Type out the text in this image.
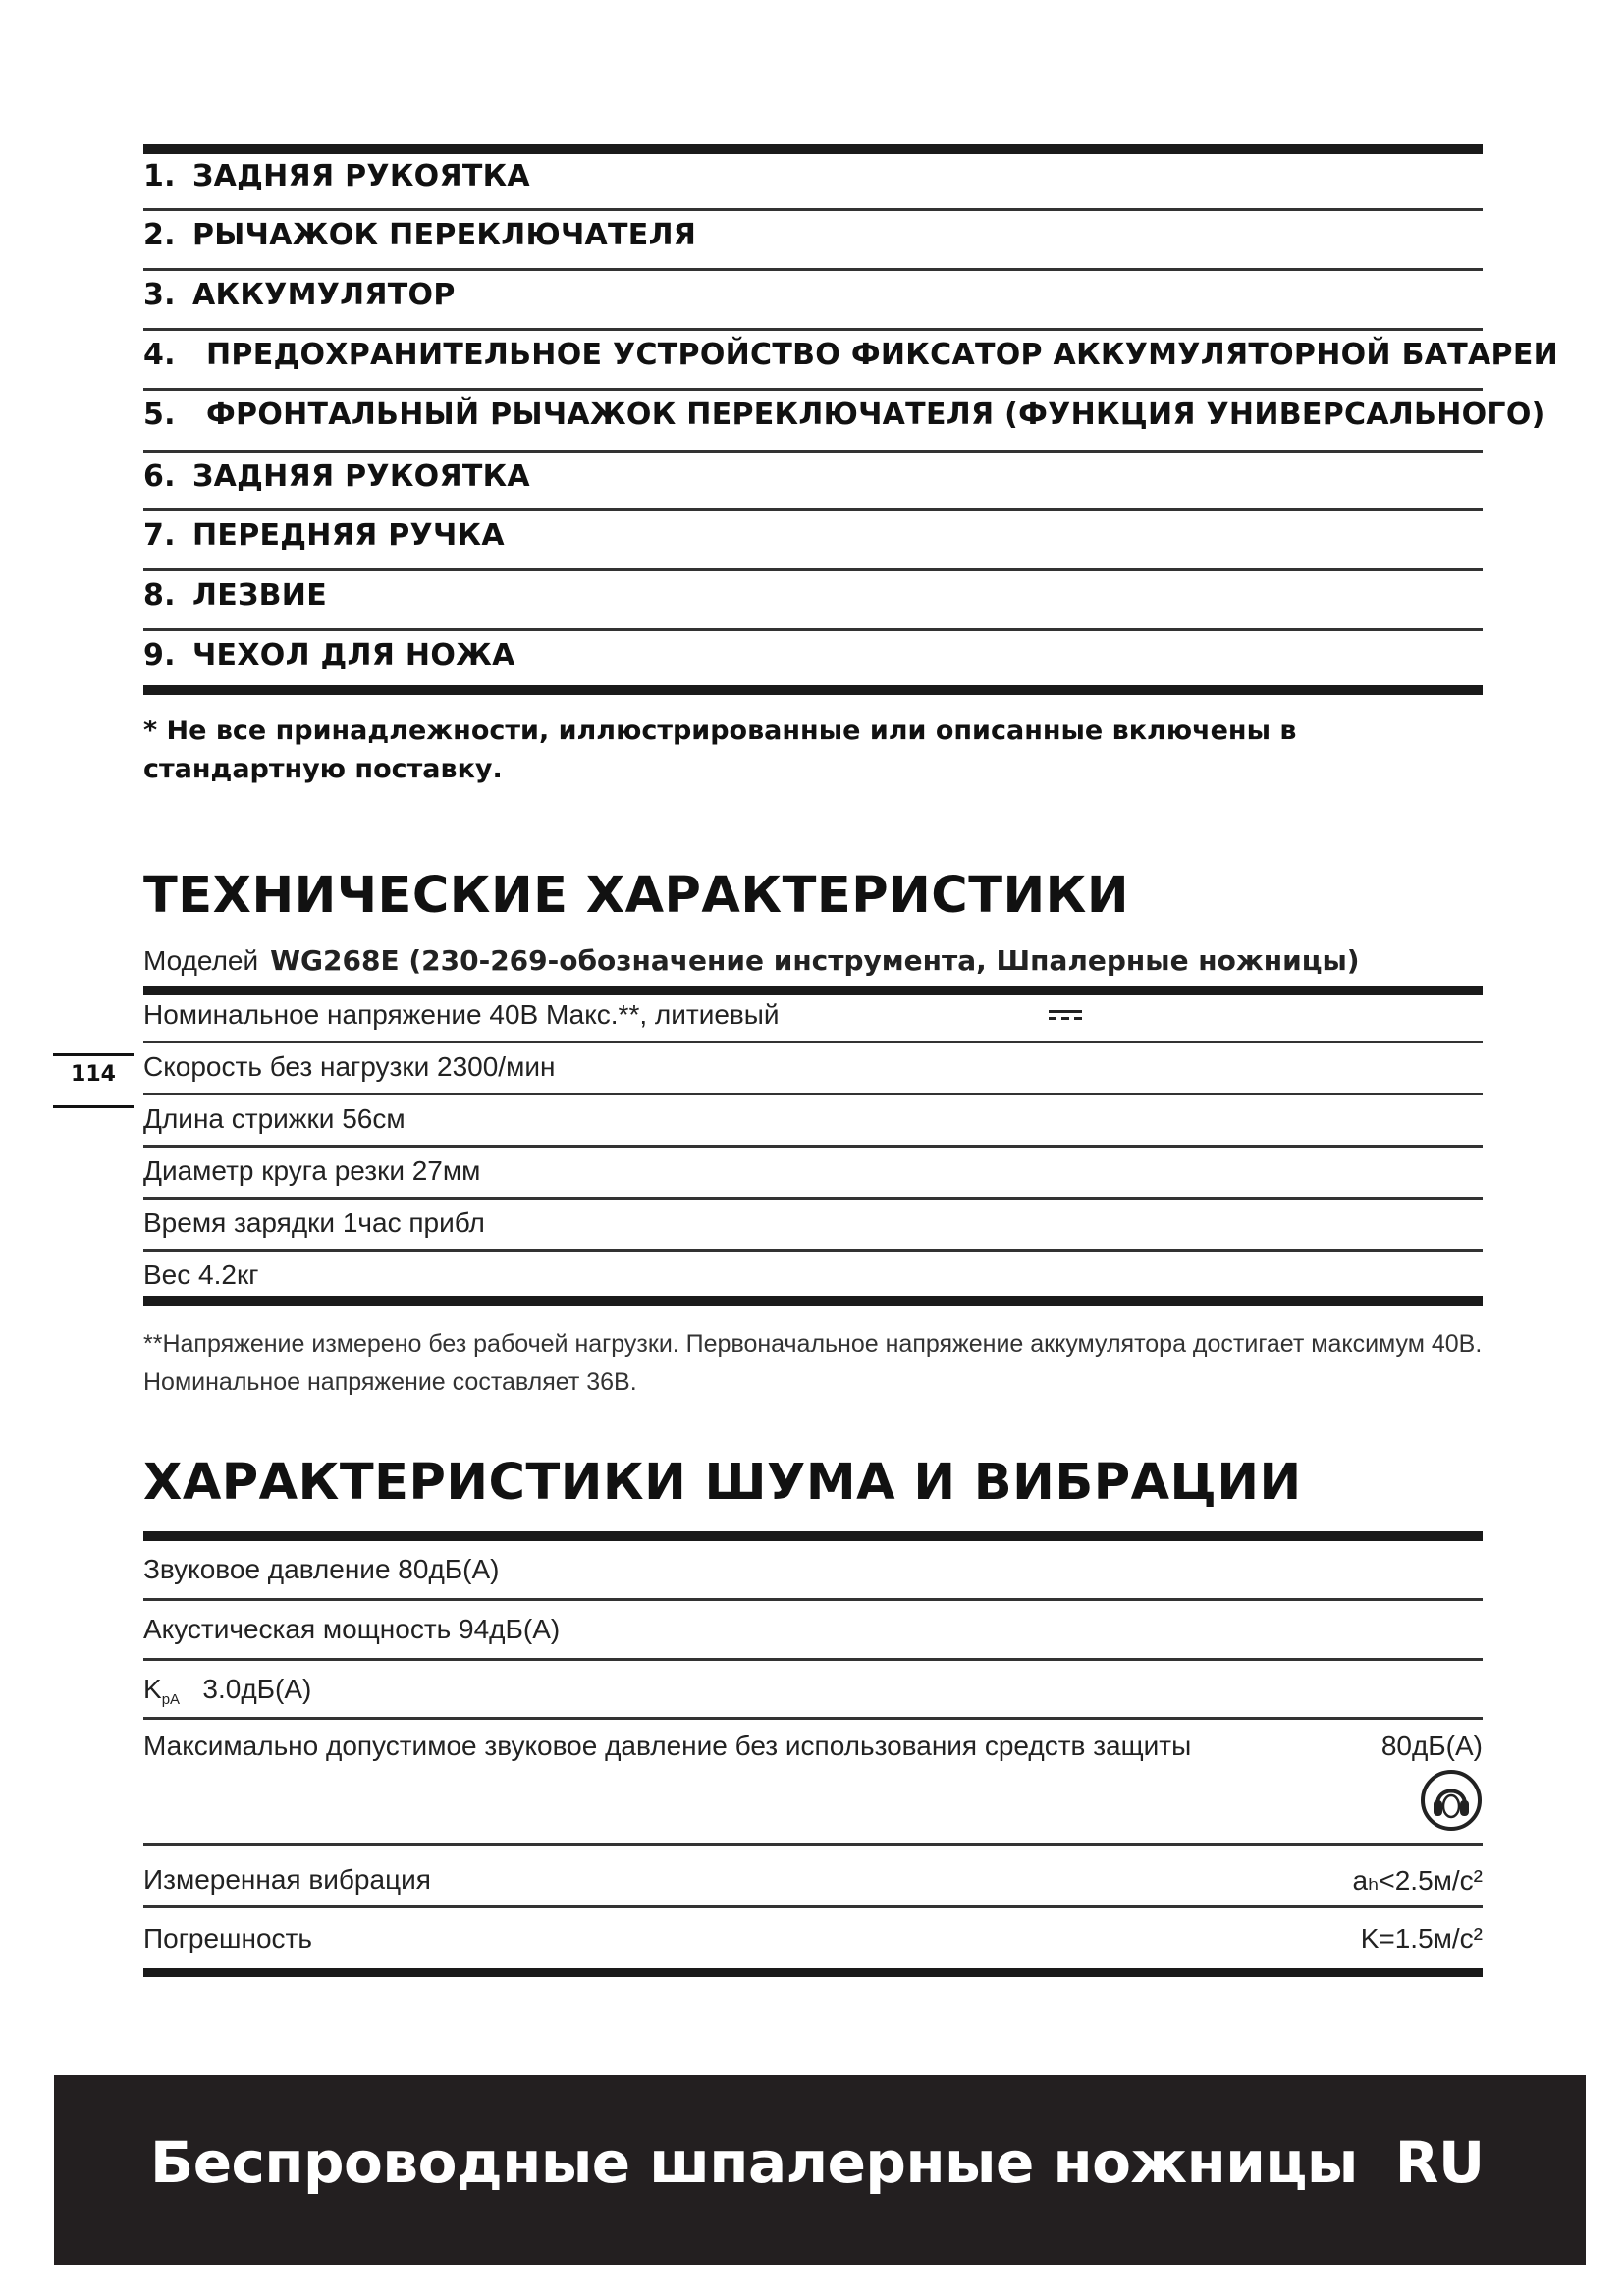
1. ЗАДНЯЯ РУКОЯТКА
2. РЫЧАЖОК ПЕРЕКЛЮЧАТЕЛЯ
3. АККУМУЛЯТОР
4. ПРЕДОХРАНИТЕЛЬНОЕ УСТРОЙСТВО ФИКСАТОР АККУМУЛЯТОРНОЙ БАТАРЕИ
5. ФРОНТАЛЬНЫЙ РЫЧАЖОК ПЕРЕКЛЮЧАТЕЛЯ (ФУНКЦИЯ УНИВЕРСАЛЬНОГО)
6. ЗАДНЯЯ РУКОЯТКА
7. ПЕРЕДНЯЯ РУЧКА
8. ЛЕЗВИЕ
9. ЧЕХОЛ ДЛЯ НОЖА
* Не все принадлежности, иллюстрированные или описанные включены в стандартную поставку.
ТЕХНИЧЕСКИЕ ХАРАКТЕРИСТИКИ
Моделей WG268E (230-269-обозначение инструмента, Шпалерные ножницы)
Номинальное напряжение 40В Макс.**, литиевый
Скорость без нагрузки 2300/мин
Длина стрижки 56см
Диаметр круга резки 27мм
Время зарядки 1час прибл
Вес 4.2кг
**Напряжение измерено без рабочей нагрузки. Первоначальное напряжение аккумулятора достигает максимум 40В. Номинальное напряжение составляет 36В.
114
ХАРАКТЕРИСТИКИ ШУМА И ВИБРАЦИИ
Звуковое давление 80дБ(А)
Акустическая мощность 94дБ(А)
$K_{pA}$ 3.0дБ(А)
Максимально допустимое звуковое давление без использования средств защиты	80дБ(А)
Измеренная вибрация	aₕ<2.5м/с²
Погрешность	K=1.5м/с²
Беспроводные шпалерные ножницы RU
